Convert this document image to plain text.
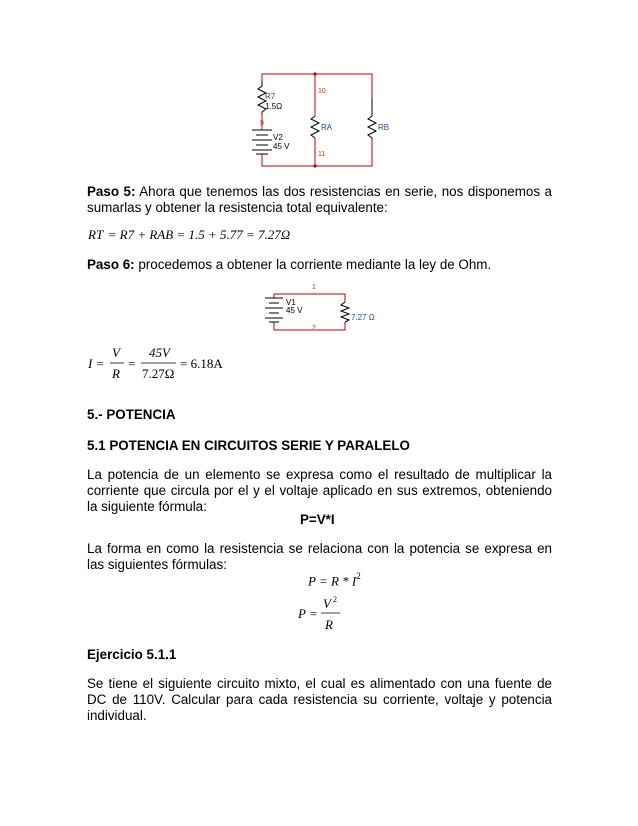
R7
1.5Ω
10
9	RA	RB
V2
45 V
11

Paso 5: Ahora que tenemos las dos resistencias en serie, nos disponemos a sumarlas y obtener la resistencia total equivalente:

RT = R7 + RAB = 1.5 + 5.77 = 7.27Ω

Paso 6: procedemos a obtener la corriente mediante la ley de Ohm.

1
V1
45 V
7.27 Ω
2
I =
V
R
=
45V
7.27Ω
= 6.18A
5.- POTENCIA
5.1 POTENCIA EN CIRCUITOS SERIE Y PARALELO

La potencia de un elemento se expresa como el resultado de multiplicar la corriente que circula por el y el voltaje aplicado en sus extremos, obteniendo la siguiente fórmula:

P=V*I

La forma en como la resistencia se relaciona con la potencia se expresa en las siguientes fórmulas:

$P = R * I^2$
P =
V 2
R
Ejercicio 5.1.1

Se tiene el siguiente circuito mixto, el cual es alimentado con una fuente de DC de 110V. Calcular para cada resistencia su corriente, voltaje y potencia individual.
